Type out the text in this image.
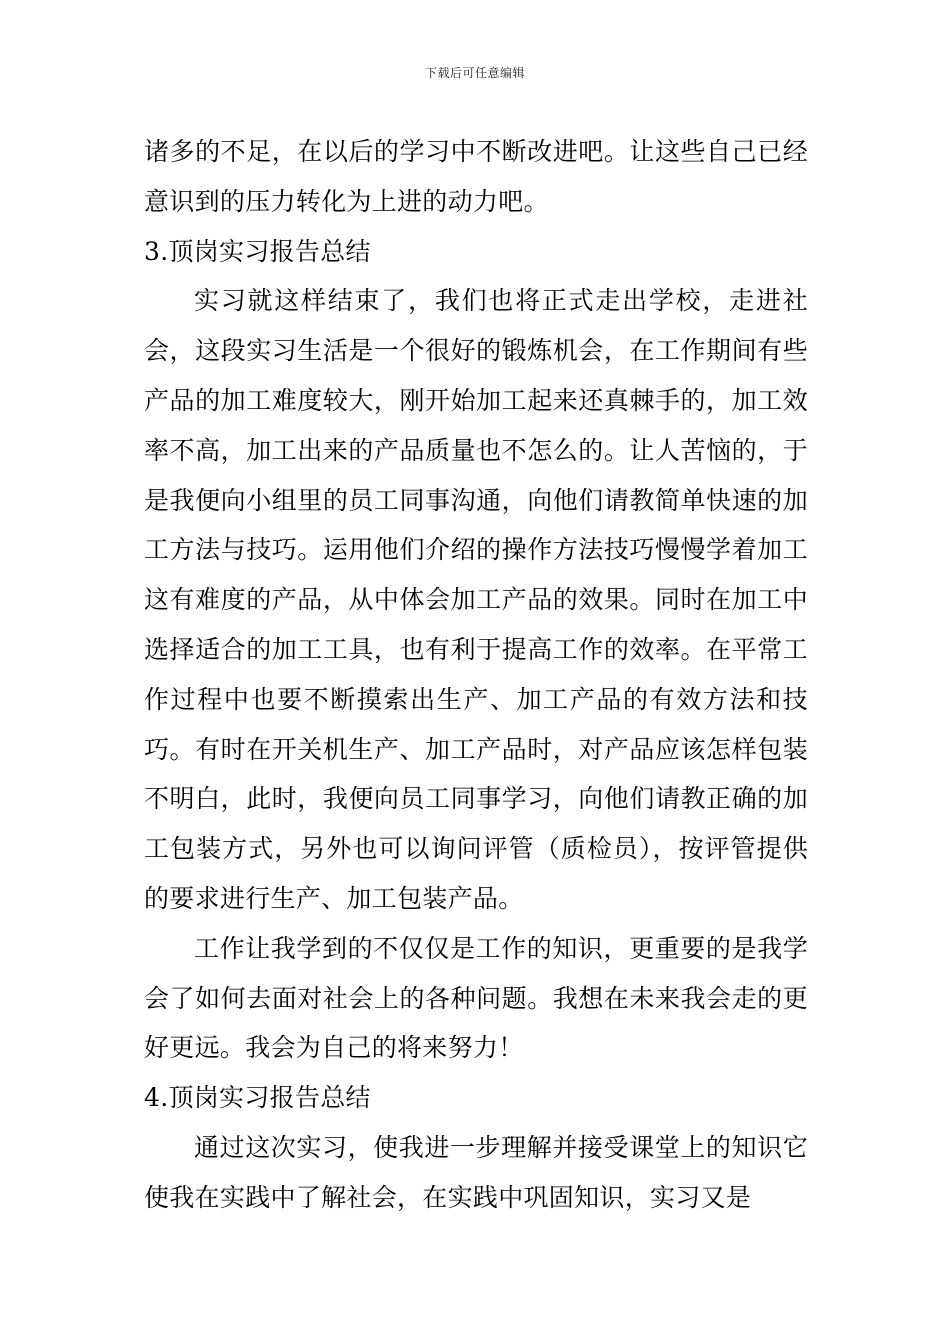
下载后可任意编辑

诸多的不足，在以后的学习中不断改进吧。让这些自己已经意识到的压力转化为上进的动力吧。

3.顶岗实习报告总结

实习就这样结束了，我们也将正式走出学校，走进社会，这段实习生活是一个很好的锻炼机会，在工作期间有些产品的加工难度较大，刚开始加工起来还真棘手的，加工效率不高，加工出来的产品质量也不怎么的。让人苦恼的，于是我便向小组里的员工同事沟通，向他们请教简单快速的加工方法与技巧。运用他们介绍的操作方法技巧慢慢学着加工这有难度的产品，从中体会加工产品的效果。同时在加工中选择适合的加工工具，也有利于提高工作的效率。在平常工作过程中也要不断摸索出生产、加工产品的有效方法和技巧。有时在开关机生产、加工产品时，对产品应该怎样包装不明白，此时，我便向员工同事学习，向他们请教正确的加工包装方式，另外也可以询问评管（质检员），按评管提供的要求进行生产、加工包装产品。

工作让我学到的不仅仅是工作的知识，更重要的是我学会了如何去面对社会上的各种问题。我想在未来我会走的更好更远。我会为自己的将来努力！

4.顶岗实习报告总结

通过这次实习，使我进一步理解并接受课堂上的知识它使我在实践中了解社会，在实践中巩固知识，实习又是
